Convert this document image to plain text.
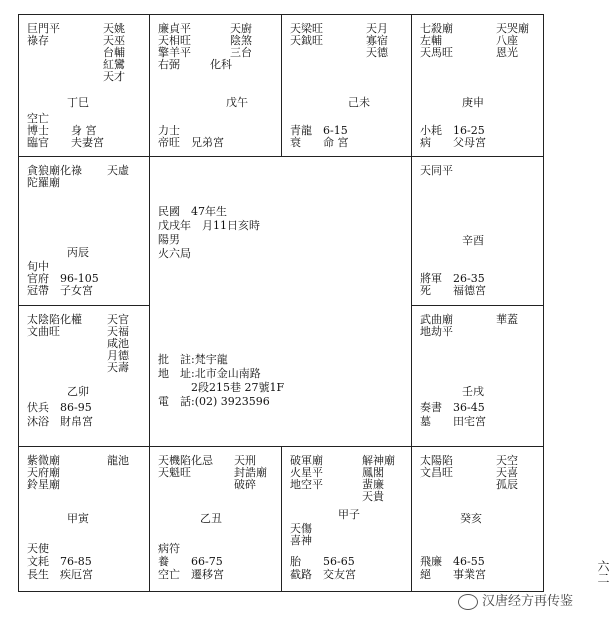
巨門平
祿存
天姚
天巫
台輔
紅鸞
天才
丁巳
空亡
博士　　 身 宮
臨官　　 夫妻宮
廉貞平
天相旺
擎羊平
右弼
天廚
陰煞
三台
化科
戊午
力士
帝旺　 兄弟宮
天梁旺
天鉞旺
天月
寡宿
天德
己未
青龍　 6-15
衰　　 命 宮
七殺廟
左輔
天馬旺
天哭廟
八座
恩光
庚申
小耗　 16-25
病　　 父母宮
貪狼廟化祿
陀羅廟
天虛
丙辰
旬中
官府　 96-105
冠帶　 子女宮
天同平
辛酉
將軍　 26-35
死　　 福德宮
太陰陷化權
文曲旺
天官
天福
咸池
月德
天壽
乙卯
伏兵　 86-95
沐浴　 財帛宮
武曲廟
地劫平
華蓋
壬戌
奏書　 36-45
墓　　 田宅宮
紫微廟
天府廟
鈴星廟
龍池
甲寅
天使
文耗　 76-85
長生　 疾厄宮
天機陷化忌
天魁旺
天刑
封誥廟
破碎
乙丑
病符
養　　 66-75
空亡　 遷移宮
破軍廟
火星平
地空平
解神廟
鳳閣
蜚廉
天貴
甲子
天傷
喜神
胎　　 56-65
截路　 交友宮
太陽陷
文昌旺
天空
天喜
孤辰
癸亥
飛廉　 46-55
絕　　 事業宮
民國　47年生
戊戌年　月11日亥時
陽男
火六局
批　註:梵宇龍
地　址:北市金山南路
　　　2段215巷 27號1F
電　話:(02) 3923596
六二
汉唐经方再传鉴
